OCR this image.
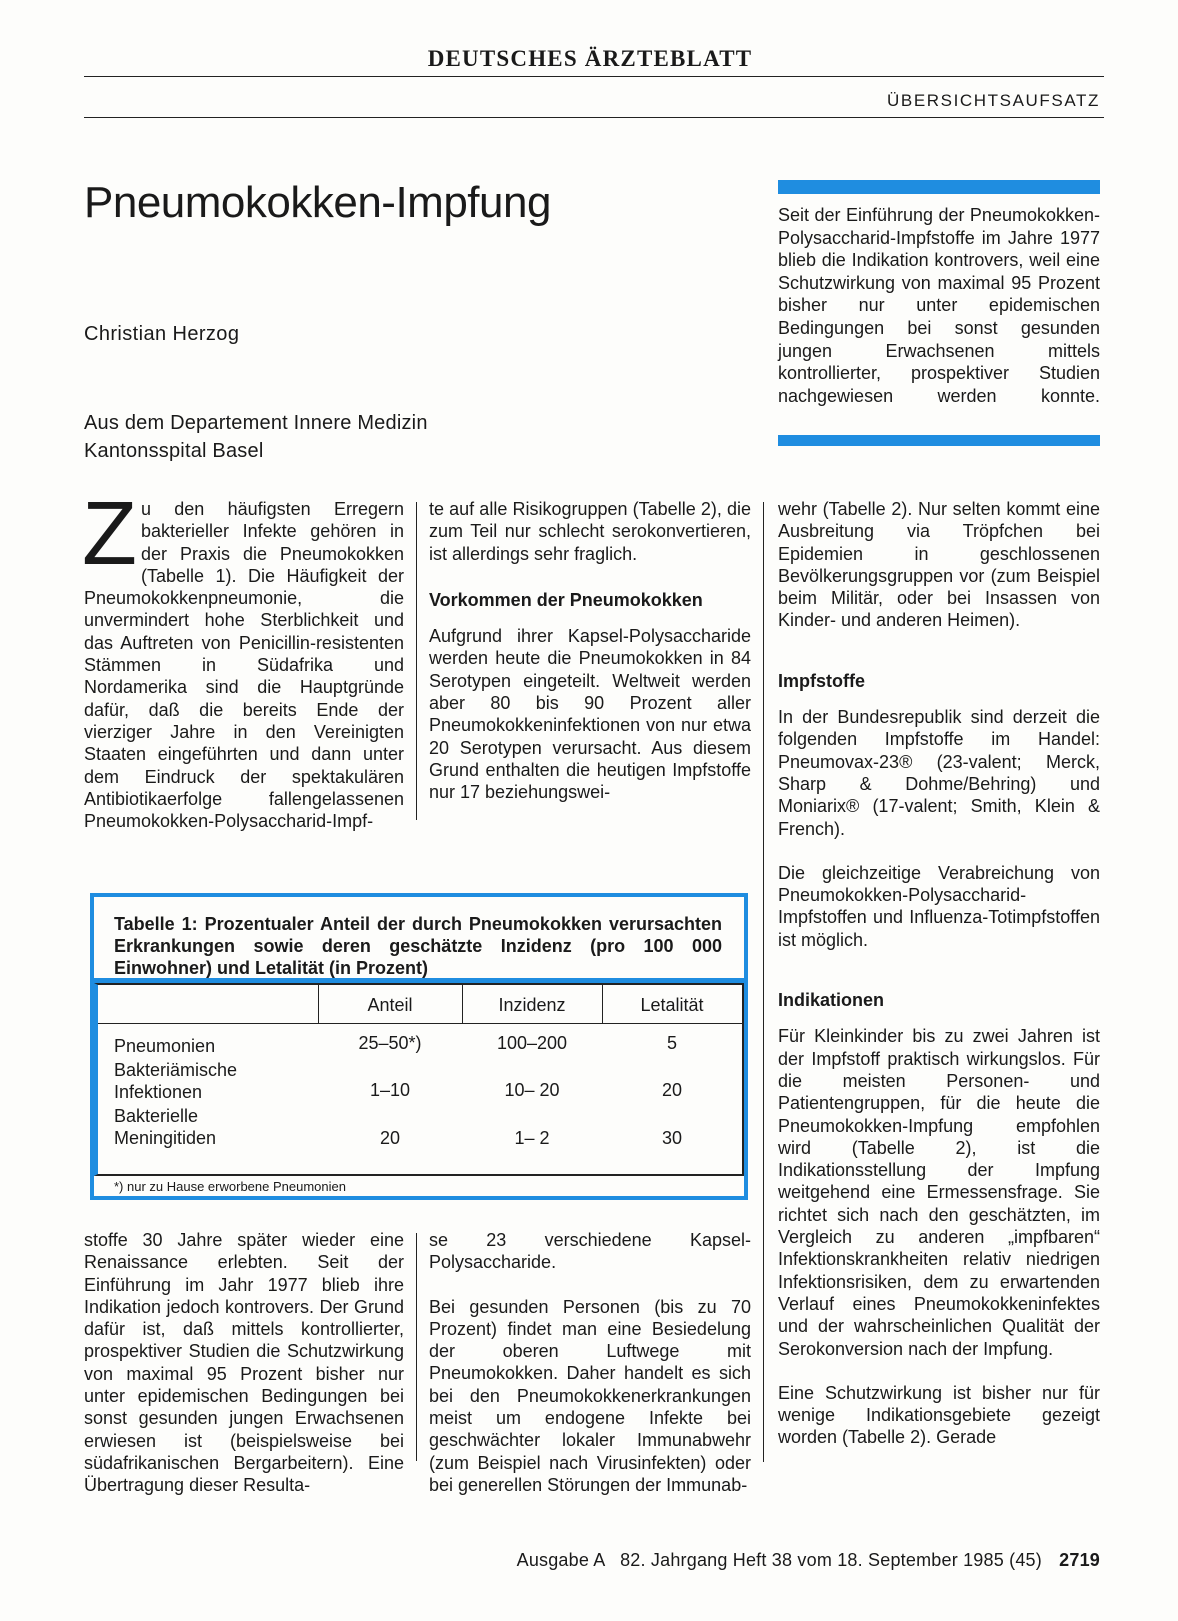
DEUTSCHES ÄRZTEBLATT
ÜBERSICHTSAUFSATZ
Pneumokokken-Impfung
Christian Herzog
Aus dem Departement Innere Medizin
Kantonsspital Basel
Seit der Einführung der Pneumokokken-Polysaccharid-Impfstoffe im Jahre 1977 blieb die Indikation kontrovers, weil eine Schutzwirkung von maximal 95 Prozent bisher nur unter epidemischen Bedingungen bei sonst gesunden jungen Erwachsenen mittels kontrollierter, prospektiver Studien nachgewiesen werden konnte.

Zu den häufigsten Erregern bakterieller Infekte gehören in der Praxis die Pneumokokken (Tabelle 1). Die Häufigkeit der Pneumokokkenpneumonie, die unvermindert hohe Sterblichkeit und das Auftreten von Penicillin-resistenten Stämmen in Südafrika und Nordamerika sind die Hauptgründe dafür, daß die bereits Ende der vierziger Jahre in den Vereinigten Staaten eingeführten und dann unter dem Eindruck der spektakulären Antibiotikaerfolge fallengelassenen Pneumokokken-Polysaccharid-Impf-

te auf alle Risikogruppen (Tabelle 2), die zum Teil nur schlecht serokonvertieren, ist allerdings sehr fraglich.

Vorkommen der Pneumokokken

Aufgrund ihrer Kapsel-Polysaccharide werden heute die Pneumokokken in 84 Serotypen eingeteilt. Weltweit werden aber 80 bis 90 Prozent aller Pneumokokkeninfektionen von nur etwa 20 Serotypen verursacht. Aus diesem Grund enthalten die heutigen Impfstoffe nur 17 beziehungswei-

wehr (Tabelle 2). Nur selten kommt eine Ausbreitung via Tröpfchen bei Epidemien in geschlossenen Bevölkerungsgruppen vor (zum Beispiel beim Militär, oder bei Insassen von Kinder- und anderen Heimen).

Impfstoffe

In der Bundesrepublik sind derzeit die folgenden Impfstoffe im Handel: Pneumovax-23® (23-valent; Merck, Sharp & Dohme/Behring) und Moniarix® (17-valent; Smith, Klein & French).

Die gleichzeitige Verabreichung von Pneumokokken-Polysaccharid-Impfstoffen und Influenza-Totimpfstoffen ist möglich.

Indikationen

Für Kleinkinder bis zu zwei Jahren ist der Impfstoff praktisch wirkungslos. Für die meisten Personen- und Patientengruppen, für die heute die Pneumokokken-Impfung empfohlen wird (Tabelle 2), ist die Indikationsstellung der Impfung weitgehend eine Ermessensfrage. Sie richtet sich nach den geschätzten, im Vergleich zu anderen „impfbaren“ Infektionskrankheiten relativ niedrigen Infektionsrisiken, dem zu erwartenden Verlauf eines Pneumokokkeninfektes und der wahrscheinlichen Qualität der Serokonversion nach der Impfung.

Eine Schutzwirkung ist bisher nur für wenige Indikationsgebiete gezeigt worden (Tabelle 2). Gerade

Tabelle 1: Prozentualer Anteil der durch Pneumokokken verursachten Erkrankungen sowie deren geschätzte Inzidenz (pro 100 000 Einwohner) und Letalität (in Prozent)
Anteil	Inzidenz	Letalität
Pneumonien	25–50*)	100–200	5
Bakteriämische
Infektionen	1–10	10– 20	20
Bakterielle
Meningitiden	20	1– 2	30
*) nur zu Hause erworbene Pneumonien

stoffe 30 Jahre später wieder eine Renaissance erlebten. Seit der Einführung im Jahr 1977 blieb ihre Indikation jedoch kontrovers. Der Grund dafür ist, daß mittels kontrollierter, prospektiver Studien die Schutzwirkung von maximal 95 Prozent bisher nur unter epidemischen Bedingungen bei sonst gesunden jungen Erwachsenen erwiesen ist (beispielsweise bei südafrikanischen Bergarbeitern). Eine Übertragung dieser Resulta-

se 23 verschiedene Kapsel-Polysaccharide.

Bei gesunden Personen (bis zu 70 Prozent) findet man eine Besiedelung der oberen Luftwege mit Pneumokokken. Daher handelt es sich bei den Pneumokokkenerkrankungen meist um endogene Infekte bei geschwächter lokaler Immunabwehr (zum Beispiel nach Virusinfekten) oder bei generellen Störungen der Immunab-

Ausgabe A   82. Jahrgang Heft 38 vom 18. September 1985 (45) 2719
